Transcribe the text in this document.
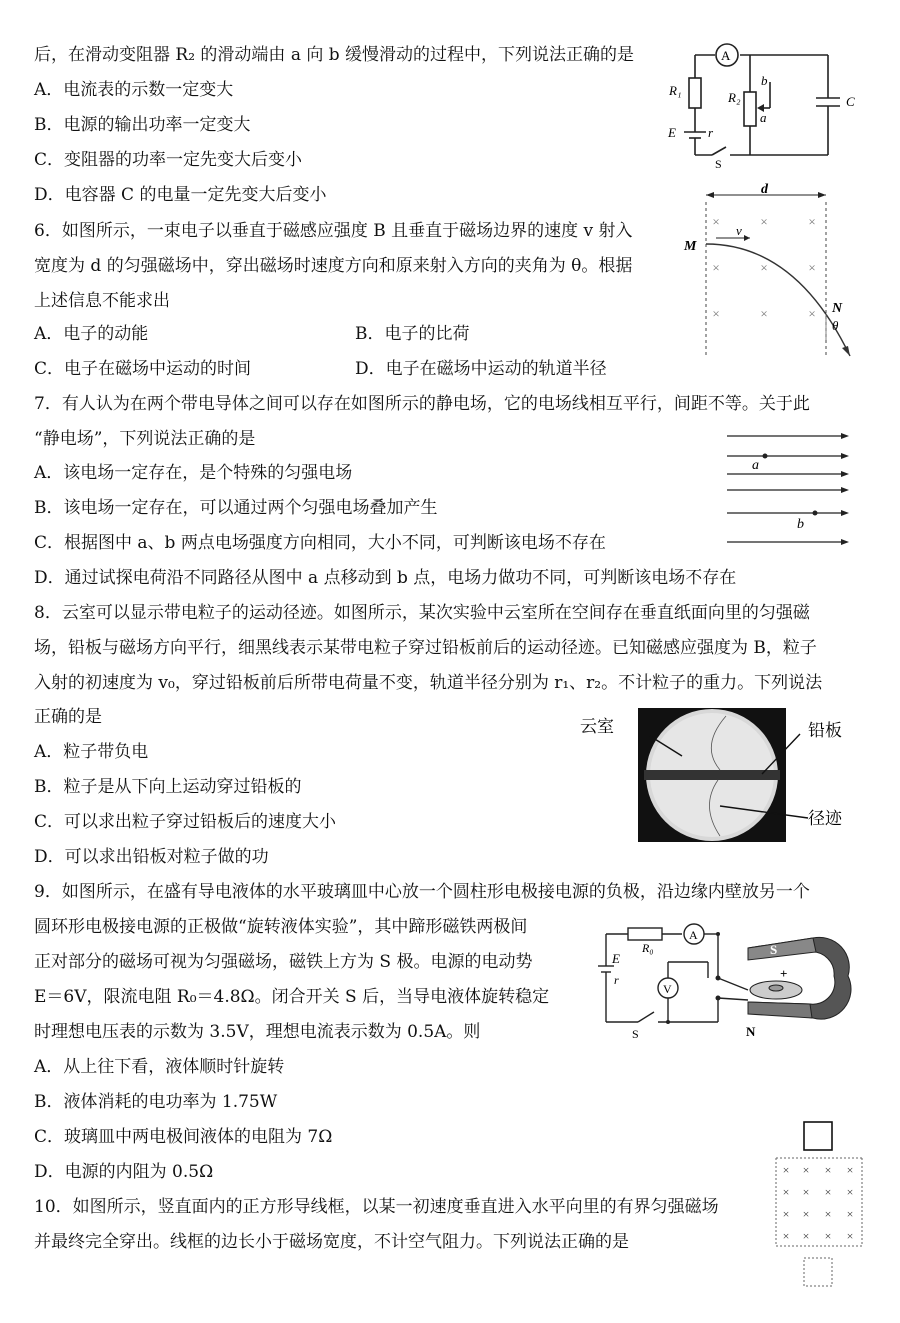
后，在滑动变阻器 R₂ 的滑动端由 a 向 b 缓慢滑动的过程中，下列说法正确的是
A．电流表的示数一定变大
B．电源的输出功率一定变大
C．变阻器的功率一定先变大后变小
D．电容器 C 的电量一定先变大后变小
A
R₁	R₂
b
a
C
E r
S
6．如图所示，一束电子以垂直于磁感应强度 B 且垂直于磁场边界的速度 v 射入
宽度为 d 的匀强磁场中，穿出磁场时速度方向和原来射入方向的夹角为 θ。根据
上述信息不能求出
A．电子的动能	B．电子的比荷
C．电子在磁场中运动的时间	D．电子在磁场中运动的轨道半径
×	×	×
×	×	×
×	×	×
d
M
v
N
θ
7．有人认为在两个带电导体之间可以存在如图所示的静电场，它的电场线相互平行，间距不等。关于此
“静电场”，下列说法正确的是
A．该电场一定存在，是个特殊的匀强电场
B．该电场一定存在，可以通过两个匀强电场叠加产生
C．根据图中 a、b 两点电场强度方向相同，大小不同，可判断该电场不存在
D．通过试探电荷沿不同路径从图中 a 点移动到 b 点，电场力做功不同，可判断该电场不存在
a
b
8．云室可以显示带电粒子的运动径迹。如图所示，某次实验中云室所在空间存在垂直纸面向里的匀强磁
场，铅板与磁场方向平行，细黑线表示某带电粒子穿过铅板前后的运动径迹。已知磁感应强度为 B，粒子
入射的初速度为 v₀，穿过铅板前后所带电荷量不变，轨道半径分别为 r₁、r₂。不计粒子的重力。下列说法
正确的是
A．粒子带负电
B．粒子是从下向上运动穿过铅板的
C．可以求出粒子穿过铅板后的速度大小
D．可以求出铅板对粒子做的功
云室	铅板
径迹
9．如图所示，在盛有导电液体的水平玻璃皿中心放一个圆柱形电极接电源的负极，沿边缘内壁放另一个
圆环形电极接电源的正极做“旋转液体实验”，其中蹄形磁铁两极间
正对部分的磁场可视为匀强磁场，磁铁上方为 S 极。电源的电动势
E＝6V，限流电阻 R₀＝4.8Ω。闭合开关 S 后，当导电液体旋转稳定
时理想电压表的示数为 3.5V，理想电流表示数为 0.5A。则
A．从上往下看，液体顺时针旋转
B．液体消耗的电功率为 1.75W
C．玻璃皿中两电极间液体的电阻为 7Ω
D．电源的内阻为 0.5Ω
R₀
A
E
r
V
S
S
+
N
10．如图所示，竖直面内的正方形导线框，以某一初速度垂直进入水平向里的有界匀强磁场
并最终完全穿出。线框的边长小于磁场宽度，不计空气阻力。下列说法正确的是
× × × ×
× × × ×
× × × ×
× × × ×
